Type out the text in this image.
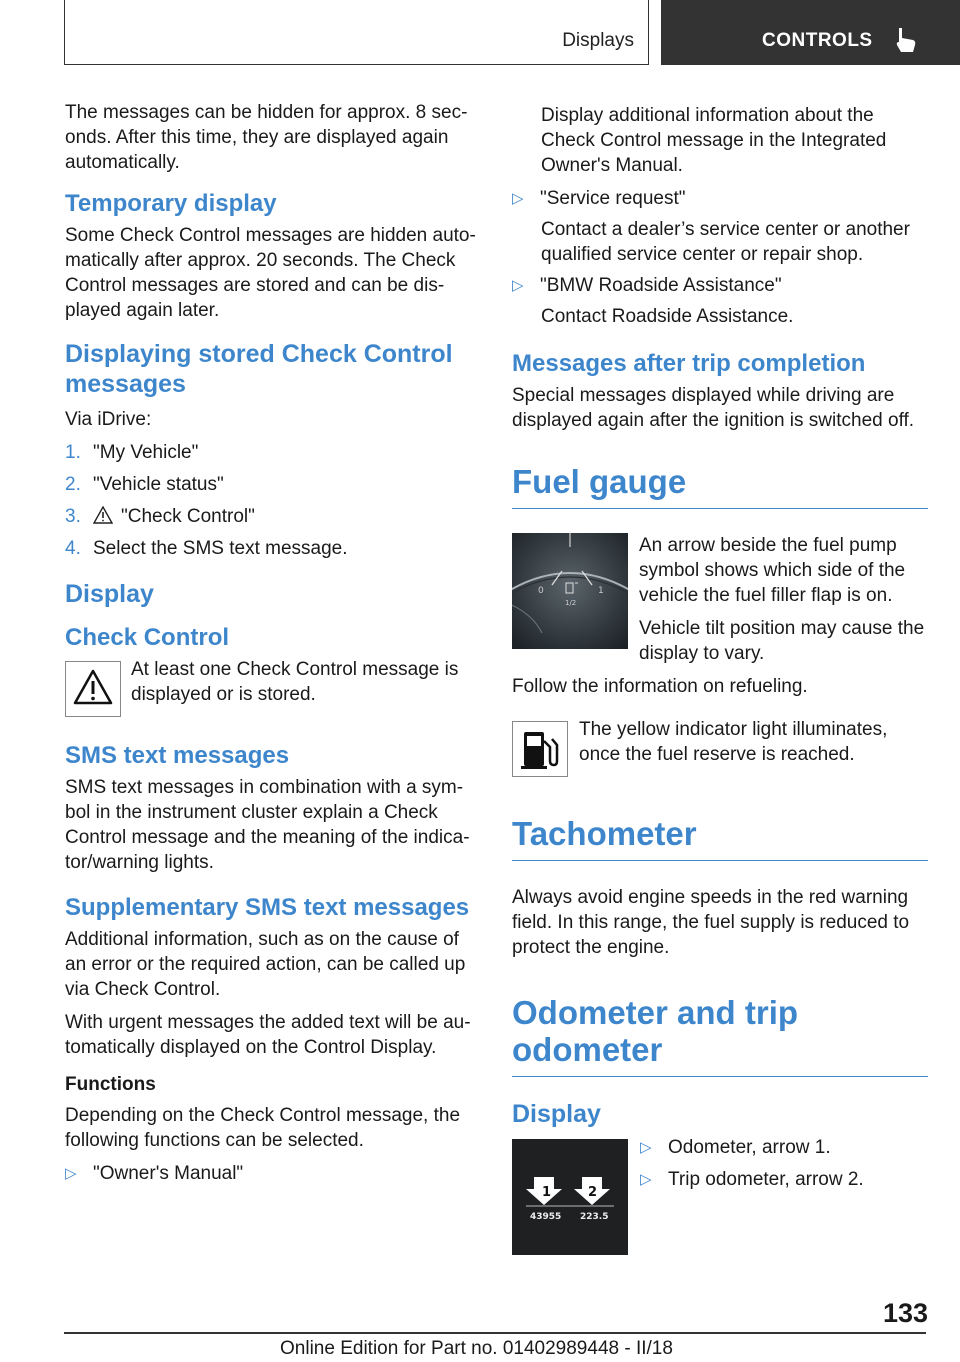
Displays	CONTROLS

The messages can be hidden for approx. 8 sec-onds. After this time, they are displayed again automatically.

Temporary display

Some Check Control messages are hidden auto-matically after approx. 20 seconds. The Check Control messages are stored and can be dis-played again later.

Displaying stored Check Control messages

Via iDrive:

1. "My Vehicle"
2. "Vehicle status"
3.	"Check Control"
4. Select the SMS text message.
Display
Check Control

At least one Check Control message is displayed or is stored.

SMS text messages

SMS text messages in combination with a sym-bol in the instrument cluster explain a Check Control message and the meaning of the indica-tor/warning lights.

Supplementary SMS text messages

Additional information, such as on the cause of an error or the required action, can be called up via Check Control.

With urgent messages the added text will be au-tomatically displayed on the Control Display.

Functions

Depending on the Check Control message, the following functions can be selected.

▷ "Owner's Manual"

Display additional information about the Check Control message in the Integrated Owner's Manual.

▷ "Service request"
Contact a dealer’s service center or another qualified service center or repair shop.
▷ "BMW Roadside Assistance"
Contact Roadside Assistance.
Messages after trip completion

Special messages displayed while driving are displayed again after the ignition is switched off.

Fuel gauge
0	1
1/2

An arrow beside the fuel pump symbol shows which side of the vehicle the fuel filler flap is on.

Vehicle tilt position may cause the display to vary.

Follow the information on refueling.

The yellow indicator light illuminates, once the fuel reserve is reached.

Tachometer

Always avoid engine speeds in the red warning field. In this range, the fuel supply is reduced to protect the engine.

Odometer and trip odometer
Display
1	2
43955 223.5
▷ Odometer, arrow 1.
▷ Trip odometer, arrow 2.
133
Online Edition for Part no. 01402989448 - II/18
